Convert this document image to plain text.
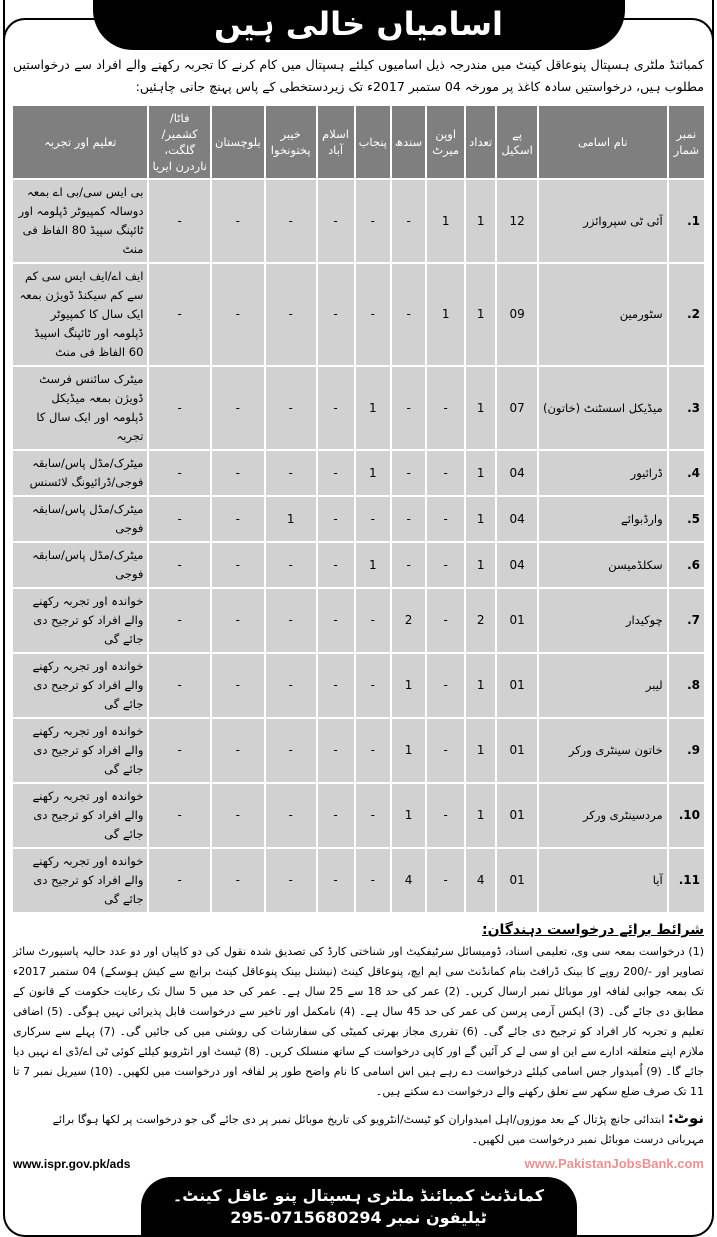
اسامیاں خالی ہیں
کمبائنڈ ملٹری ہسپتال پنوعاقل کینٹ میں مندرجہ ذیل اسامیوں کیلئے ہسپتال میں کام کرنے کا تجربہ رکھنے والے افراد سے درخواستیں مطلوب ہیں، درخواستیں سادہ کاغذ پر مورخہ 04 ستمبر 2017ء تک زیردستخطی کے پاس پہنچ جانی چاہئیں:
نمبر شمار	نام اسامی	پے اسکیل	تعداد	اوپن میرٹ	سندھ	پنجاب	اسلام آباد	خیبر پختونخوا	بلوچستان	فاٹا/کشمیر/گلگت، ناردرن ایریا	تعلیم اور تجربہ
1.	آئی ٹی سپروائزر	12	1	1	-	-	-	-	-	-	بی ایس سی/بی اے بمعہ دوسالہ کمپیوٹر ڈپلومہ اور ٹائپنگ سپیڈ 80 الفاظ فی منٹ
2.	سٹورمین	09	1	1	-	-	-	-	-	-	ایف اے/ایف ایس سی کم سے کم سیکنڈ ڈویژن بمعہ ایک سال کا کمپیوٹر ڈپلومہ اور ٹائپنگ اسپیڈ 60 الفاظ فی منٹ
3.	میڈیکل اسسٹنٹ (خاتون)	07	1	-	-	1	-	-	-	-	میٹرک سائنس فرسٹ ڈویژن بمعہ میڈیکل ڈپلومہ اور ایک سال کا تجربہ
4.	ڈرائیور	04	1	-	-	1	-	-	-	-	میٹرک/مڈل پاس/سابقہ فوجی/ڈرائیونگ لائسنس
5.	وارڈبوائے	04	1	-	-	-	-	1	-	-	میٹرک/مڈل پاس/سابقہ فوجی
6.	سکلڈمیسن	04	1	-	-	1	-	-	-	-	میٹرک/مڈل پاس/سابقہ فوجی
7.	چوکیدار	01	2	-	2	-	-	-	-	-	خواندہ اور تجربہ رکھنے والے افراد کو ترجیح دی جائے گی
8.	لیبر	01	1	-	1	-	-	-	-	-	خواندہ اور تجربہ رکھنے والے افراد کو ترجیح دی جائے گی
9.	خاتون سینٹری ورکر	01	1	-	1	-	-	-	-	-	خواندہ اور تجربہ رکھنے والے افراد کو ترجیح دی جائے گی
10.	مردسینٹری ورکر	01	1	-	1	-	-	-	-	-	خواندہ اور تجربہ رکھنے والے افراد کو ترجیح دی جائے گی
11.	آیا	01	4	-	4	-	-	-	-	-	خواندہ اور تجربہ رکھنے والے افراد کو ترجیح دی جائے گی
شرائط برائے درخواست دہندگان:
(1) درخواست بمعہ سی وی، تعلیمی اسناد، ڈومیسائل سرٹیفکیٹ اور شناختی کارڈ کی تصدیق شدہ نقول کی دو کاپیاں اور دو عدد حالیہ پاسپورٹ سائز تصاویر اور -/200 روپے کا بینک ڈرافٹ بنام کمانڈنٹ سی ایم ایچ، پنوعاقل کینٹ (نیشنل بینک پنوعاقل کینٹ برانچ سے کیش ہوسکے) 04 ستمبر 2017ء تک بمعہ جوابی لفافہ اور موبائل نمبر ارسال کریں۔ (2) عمر کی حد 18 سے 25 سال ہے۔ عمر کی حد میں 5 سال تک رعایت حکومت کے قانون کے مطابق دی جائے گی۔ (3) ایکس آرمی پرسن کی عمر کی حد 45 سال ہے۔ (4) نامکمل اور تاخیر سے درخواست قابل پذیرائی نہیں ہوگی۔ (5) اضافی تعلیم و تجربہ کار افراد کو ترجیح دی جائے گی۔ (6) تقرری مجاز بھرتی کمیٹی کی سفارشات کی روشنی میں کی جائیں گی۔ (7) پہلے سے سرکاری ملازم اپنے متعلقہ ادارے سے این او سی لے کر آئیں گے اور کاپی درخواست کے ساتھ منسلک کریں۔ (8) ٹیسٹ اور انٹرویو کیلئے کوئی ٹی اے/ڈی اے نہیں دیا جائے گا۔ (9) اُمیدوار جس اسامی کیلئے درخواست دے رہے ہیں اس اسامی کا نام واضح طور پر لفافہ اور درخواست میں لکھیں۔ (10) سیریل نمبر 7 تا 11 تک صرف ضلع سکھر سے تعلق رکھنے والے درخواست دے سکتے ہیں۔
نوٹ: ابتدائی جانچ پڑتال کے بعد موزوں/اہل امیدواران کو ٹیسٹ/انٹرویو کی تاریخ موبائل نمبر پر دی جائے گی جو درخواست پر لکھا ہوگا برائے مہربانی درست موبائل نمبر درخواست میں لکھیں۔
www.ispr.gov.pk/ads	www.PakistanJobsBank.com
کمانڈنٹ کمبائنڈ ملٹری ہسپتال پنو عاقل کینٹ۔ ٹیلیفون نمبر 0715680294-295
